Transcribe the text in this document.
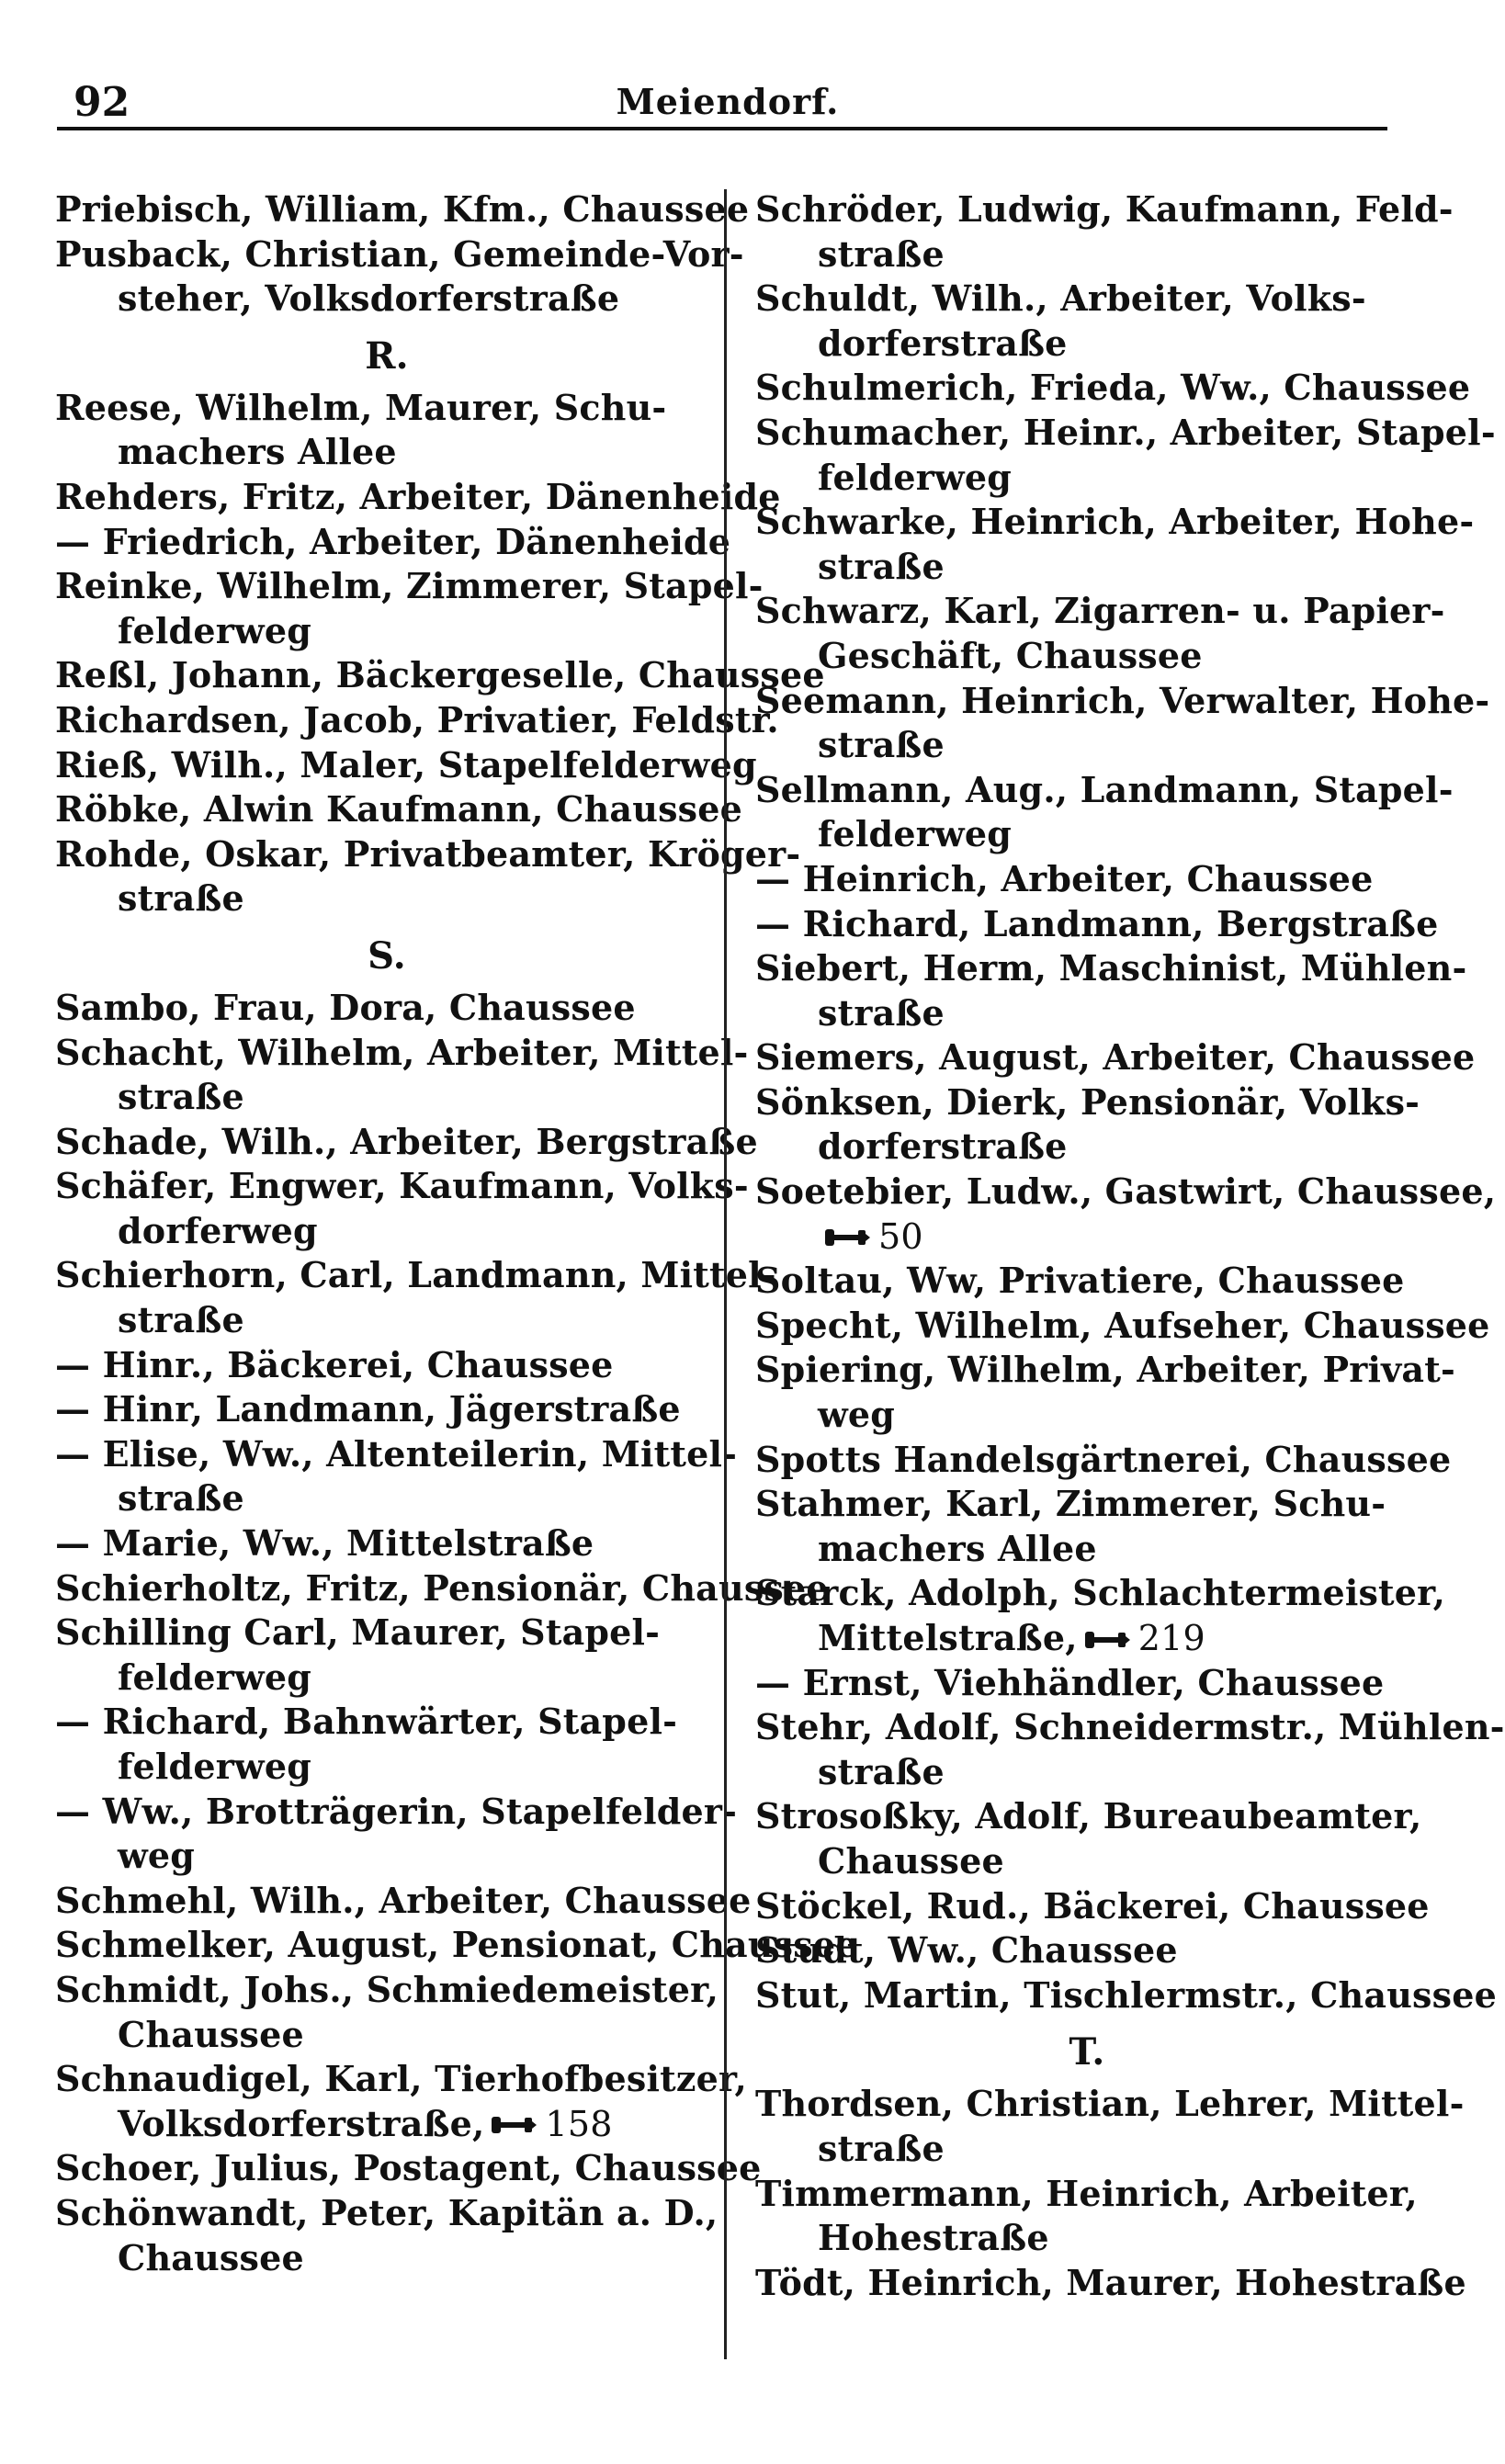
92	Meiendorf.
Priebisch, William, Kfm., Chaussee
Pusback, Christian, Gemeinde-Vor-
steher, Volksdorferstraße
R.
Reese, Wilhelm, Maurer, Schu-
machers Allee
Rehders, Fritz, Arbeiter, Dänenheide
— Friedrich, Arbeiter, Dänenheide
Reinke, Wilhelm, Zimmerer, Stapel-
felderweg
Reßl, Johann, Bäckergeselle, Chaussee
Richardsen, Jacob, Privatier, Feldstr.
Rieß, Wilh., Maler, Stapelfelderweg
Röbke, Alwin Kaufmann, Chaussee
Rohde, Oskar, Privatbeamter, Kröger-
straße
S.
Sambo, Frau, Dora, Chaussee
Schacht, Wilhelm, Arbeiter, Mittel-
straße
Schade, Wilh., Arbeiter, Bergstraße
Schäfer, Engwer, Kaufmann, Volks-
dorferweg
Schierhorn, Carl, Landmann, Mittel-
straße
— Hinr., Bäckerei, Chaussee
— Hinr, Landmann, Jägerstraße
— Elise, Ww., Altenteilerin, Mittel-
straße
— Marie, Ww., Mittelstraße
Schierholtz, Fritz, Pensionär, Chaussee
Schilling Carl, Maurer, Stapel-
felderweg
— Richard, Bahnwärter, Stapel-
felderweg
— Ww., Brotträgerin, Stapelfelder-
weg
Schmehl, Wilh., Arbeiter, Chaussee
Schmelker, August, Pensionat, Chaussee
Schmidt, Johs., Schmiedemeister,
Chaussee
Schnaudigel, Karl, Tierhofbesitzer,
Volksdorferstraße, 158
Schoer, Julius, Postagent, Chaussee
Schönwandt, Peter, Kapitän a. D.,
Chaussee
Schröder, Ludwig, Kaufmann, Feld-
straße
Schuldt, Wilh., Arbeiter, Volks-
dorferstraße
Schulmerich, Frieda, Ww., Chaussee
Schumacher, Heinr., Arbeiter, Stapel-
felderweg
Schwarke, Heinrich, Arbeiter, Hohe-
straße
Schwarz, Karl, Zigarren- u. Papier-
Geschäft, Chaussee
Seemann, Heinrich, Verwalter, Hohe-
straße
Sellmann, Aug., Landmann, Stapel-
felderweg
— Heinrich, Arbeiter, Chaussee
— Richard, Landmann, Bergstraße
Siebert, Herm, Maschinist, Mühlen-
straße
Siemers, August, Arbeiter, Chaussee
Sönksen, Dierk, Pensionär, Volks-
dorferstraße
Soetebier, Ludw., Gastwirt, Chaussee,
50
Soltau, Ww, Privatiere, Chaussee
Specht, Wilhelm, Aufseher, Chaussee
Spiering, Wilhelm, Arbeiter, Privat-
weg
Spotts Handelsgärtnerei, Chaussee
Stahmer, Karl, Zimmerer, Schu-
machers Allee
Starck, Adolph, Schlachtermeister,
Mittelstraße, 219
— Ernst, Viehhändler, Chaussee
Stehr, Adolf, Schneidermstr., Mühlen-
straße
Strosoßky, Adolf, Bureaubeamter,
Chaussee
Stöckel, Rud., Bäckerei, Chaussee
Studt, Ww., Chaussee
Stut, Martin, Tischlermstr., Chaussee
T.
Thordsen, Christian, Lehrer, Mittel-
straße
Timmermann, Heinrich, Arbeiter,
Hohestraße
Tödt, Heinrich, Maurer, Hohestraße
